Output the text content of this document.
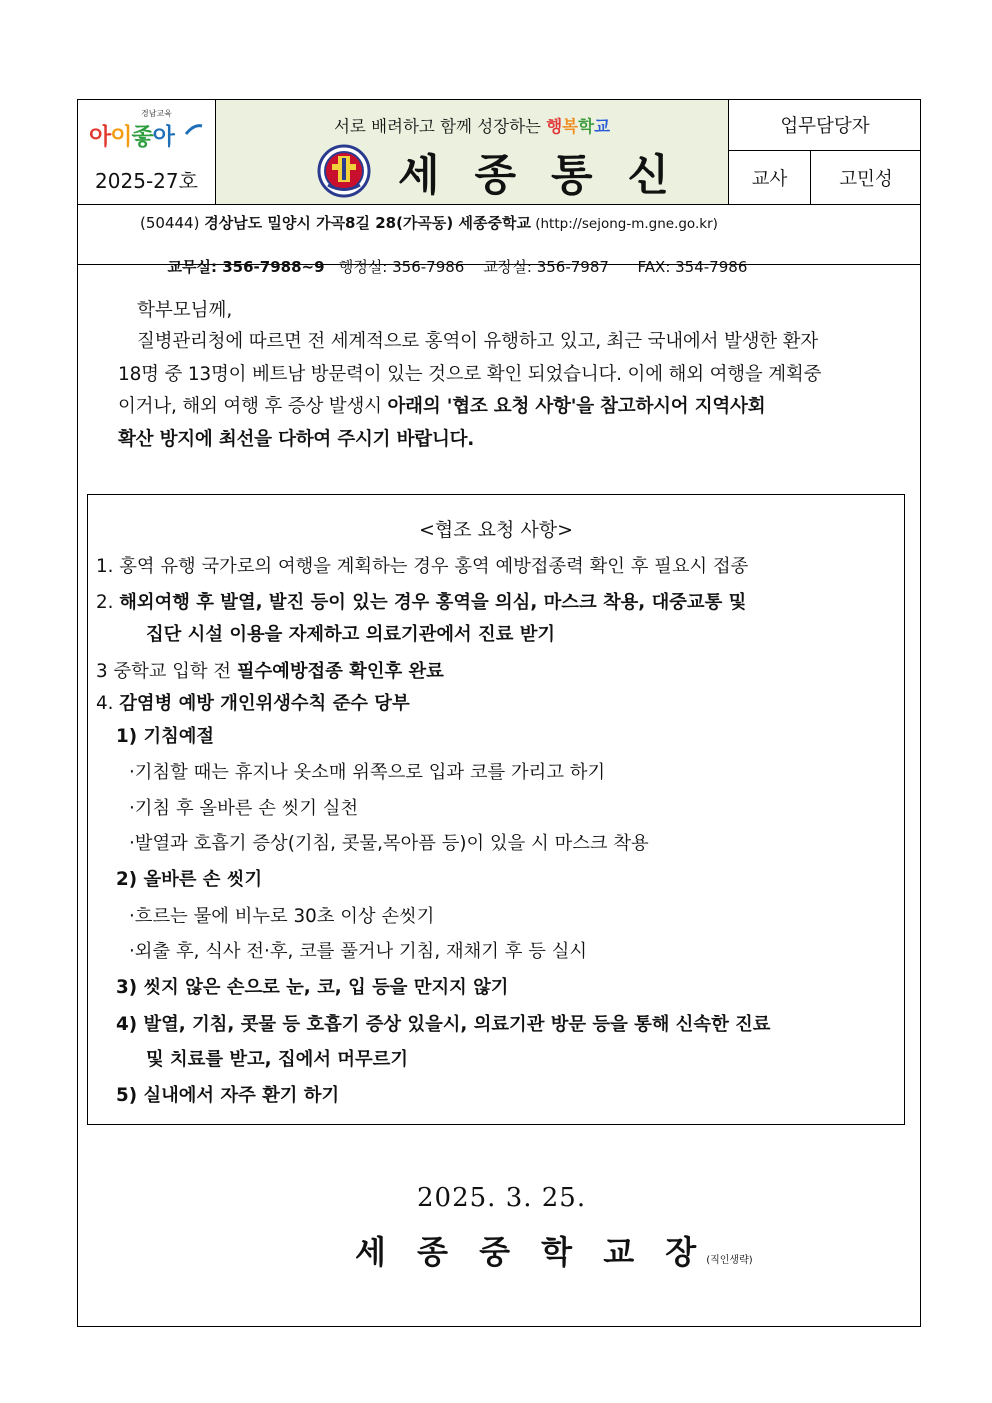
경남교육
아이좋아
2025-27호
서로 배려하고 함께 성장하는 행복학교
세 종 통 신
업무담당자
교사	고민성
(50444) 경상남도 밀양시 가곡8길 28(가곡동) 세종중학교 (http://sejong-m.gne.go.kr)

교무실: 356-7988~9   행정실: 356-7986    교장실: 356-7987      FAX: 354-7986

학부모님께,
질병관리청에 따르면 전 세계적으로 홍역이 유행하고 있고, 최근 국내에서 발생한 환자
18명 중 13명이 베트남 방문력이 있는 것으로 확인 되었습니다. 이에 해외 여행을 계획중
이거나, 해외 여행 후 증상 발생시 아래의 '협조 요청 사항'을 참고하시어 지역사회
확산 방지에 최선을 다하여 주시기 바랍니다.
<협조 요청 사항>
1. 홍역 유행 국가로의 여행을 계획하는 경우 홍역 예방접종력 확인 후 필요시 접종
2. 해외여행 후 발열, 발진 등이 있는 경우 홍역을 의심, 마스크 착용, 대중교통 및
집단 시설 이용을 자제하고 의료기관에서 진료 받기
3 중학교 입학 전 필수예방접종 확인후 완료
4. 감염병 예방 개인위생수칙 준수 당부
1) 기침예절
·기침할 때는 휴지나 옷소매 위쪽으로 입과 코를 가리고 하기
·기침 후 올바른 손 씻기 실천
·발열과 호흡기 증상(기침, 콧물,목아픔 등)이 있을 시 마스크 착용
2) 올바른 손 씻기
·흐르는 물에 비누로 30초 이상 손씻기
·외출 후, 식사 전·후, 코를 풀거나 기침, 재채기 후 등 실시
3) 씻지 않은 손으로 눈, 코, 입 등을 만지지 않기
4) 발열, 기침, 콧물 등 호흡기 증상 있을시, 의료기관 방문 등을 통해 신속한 진료
및 치료를 받고, 집에서 머무르기
5) 실내에서 자주 환기 하기
2025. 3. 25.
세 종 중 학 교 장(직인생략)
